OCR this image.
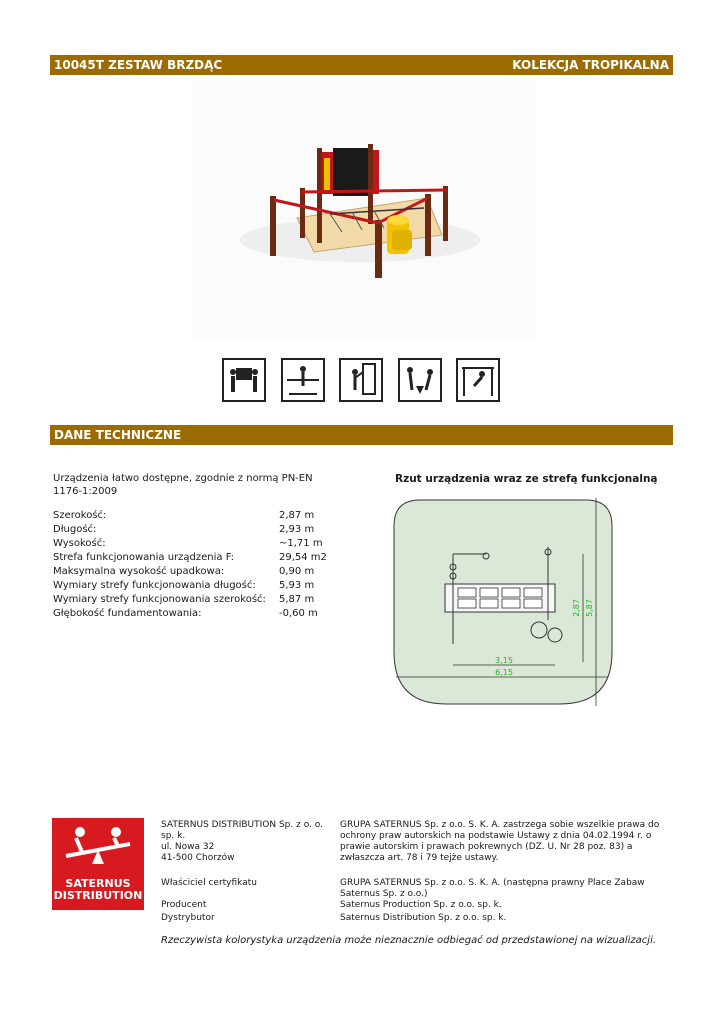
10045T ZESTAW BRZDĄC	KOLEKCJA TROPIKALNA
DANE TECHNICZNE
Urządzenia łatwo dostępne, zgodnie z normą PN-EN 1176-1:2009
Szerokość:	2,87 m
Długość:	2,93 m
Wysokość:	~1,71 m
Strefa funkcjonowania urządzenia F:	29,54 m2
Maksymalna wysokość upadkowa:	0,90 m
Wymiary strefy funkcjonowania długość: 5,93 m
Wymiary strefy funkcjonowania szerokość: 5,87 m
Głębokość fundamentowania:	-0,60 m
Rzut urządzenia wraz ze strefą funkcjonalną
3,15
6,15
2,87 5,87
SATERNUS
DISTRIBUTION
SATERNUS DISTRIBUTION Sp. z o. o. sp. k.
ul. Nowa 32
41-500 Chorzów
GRUPA SATERNUS Sp. z o.o. S. K. A. zastrzega sobie wszelkie prawa do ochrony praw autorskich na podstawie Ustawy z dnia 04.02.1994 r. o prawie autorskim i prawach pokrewnych (DZ. U. Nr 28 poz. 83) a zwłaszcza art. 78 i 79 tejże ustawy.
Właściciel certyfikatu	GRUPA SATERNUS Sp. z o.o. S. K. A. (następna prawny Place Zabaw Saternus Sp. z o.o.)
Producent	Saternus Production Sp. z o.o. sp. k.
Dystrybutor	Saternus Distribution Sp. z o.o. sp. k.
Rzeczywista kolorystyka urządzenia może nieznacznie odbiegać od przedstawionej na wizualizacji.
